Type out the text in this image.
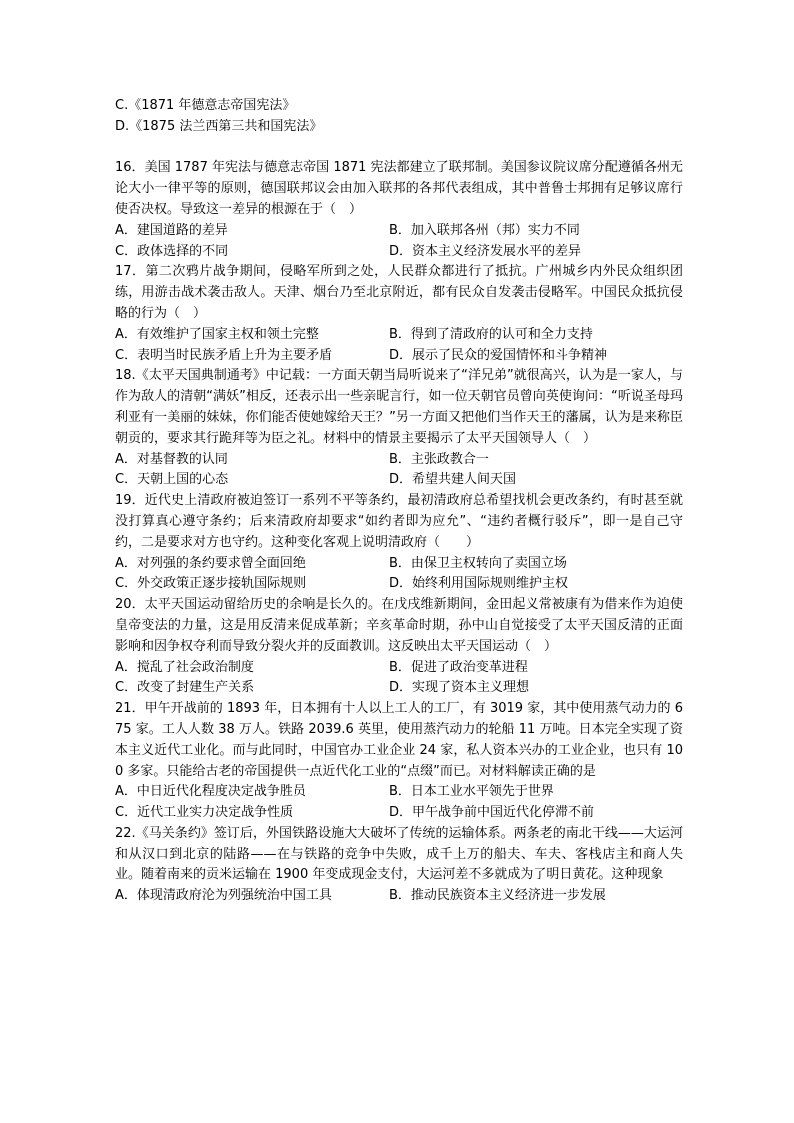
C.《1871 年德意志帝国宪法》
D.《1875 法兰西第三共和国宪法》
16．美国 1787 年宪法与德意志帝国 1871 宪法都建立了联邦制。美国参议院议席分配遵循各州无论大小一律平等的原则，德国联邦议会由加入联邦的各邦代表组成，其中普鲁士邦拥有足够议席行使否决权。导致这一差异的根源在于（　）
A．建国道路的差异	B．加入联邦各州（邦）实力不同
C．政体选择的不同	D．资本主义经济发展水平的差异
17．第二次鸦片战争期间，侵略军所到之处，人民群众都进行了抵抗。广州城乡内外民众组织团练，用游击战术袭击敌人。天津、烟台乃至北京附近，都有民众自发袭击侵略军。中国民众抵抗侵略的行为（　）
A．有效维护了国家主权和领土完整	B．得到了清政府的认可和全力支持
C．表明当时民族矛盾上升为主要矛盾	D．展示了民众的爱国情怀和斗争精神
18.《太平天国典制通考》中记载：一方面天朝当局听说来了“洋兄弟”就很高兴，认为是一家人，与作为敌人的清朝“满妖”相反，还表示出一些亲昵言行，如一位天朝官员曾向英使询问：“听说圣母玛利亚有一美丽的妹妹，你们能否使她嫁给天王？”另一方面又把他们当作天王的藩属，认为是来称臣朝贡的，要求其行跪拜等为臣之礼。材料中的情景主要揭示了太平天国领导人（　）
A．对基督教的认同	B．主张政教合一
C．天朝上国的心态	D．希望共建人间天国
19．近代史上清政府被迫签订一系列不平等条约，最初清政府总希望找机会更改条约，有时甚至就没打算真心遵守条约；后来清政府却要求“如约者即为应允”、“违约者概行驳斥”，即一是自己守约，二是要求对方也守约。这种变化客观上说明清政府（　　）
A．对列强的条约要求曾全面回绝	B．由保卫主权转向了卖国立场
C．外交政策正逐步接轨国际规则	D．始终利用国际规则维护主权
20．太平天国运动留给历史的余响是长久的。在戊戌维新期间，金田起义常被康有为借来作为迫使皇帝变法的力量，这是用反清来促成革新；辛亥革命时期，孙中山自觉接受了太平天国反清的正面影响和因争权夺利而导致分裂火并的反面教训。这反映出太平天国运动（　）
A．搅乱了社会政治制度	B．促进了政治变革进程
C．改变了封建生产关系	D．实现了资本主义理想
21．甲午开战前的 1893 年，日本拥有十人以上工人的工厂，有 3019 家，其中使用蒸气动力的 675 家。工人人数 38 万人。铁路 2039.6 英里，使用蒸汽动力的轮船 11 万吨。日本完全实现了资本主义近代工业化。而与此同时，中国官办工业企业 24 家，私人资本兴办的工业企业，也只有 100 多家。只能给古老的帝国提供一点近代化工业的“点缀”而已。对材料解读正确的是
A．中日近代化程度决定战争胜员	B．日本工业水平领先于世界
C．近代工业实力决定战争性质	D．甲午战争前中国近代化停滞不前
22.《马关条约》签订后，外国铁路设施大大破坏了传统的运输体系。两条老的南北干线——大运河和从汉口到北京的陆路——在与铁路的竞争中失败，成千上万的船夫、车夫、客栈店主和商人失业。随着南来的贡米运输在 1900 年变成现金支付，大运河差不多就成为了明日黄花。这种现象
A．体现清政府沦为列强统治中国工具	B．推动民族资本主义经济进一步发展
